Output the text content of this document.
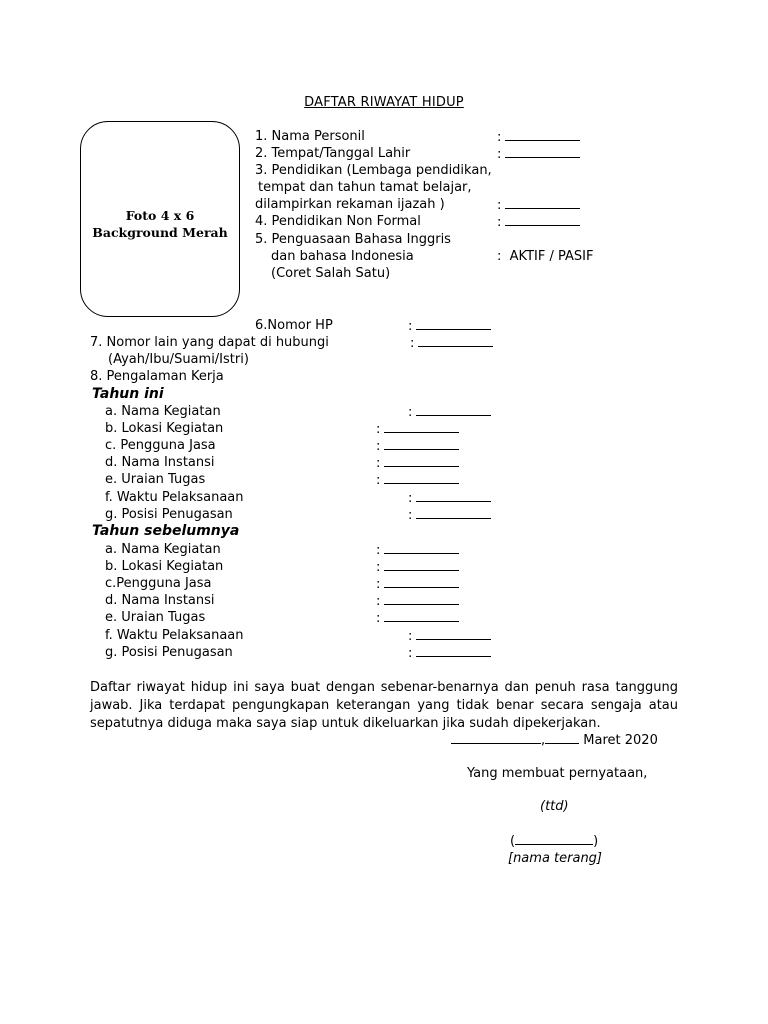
DAFTAR RIWAYAT HIDUP
Foto 4 x 6
Background Merah
1. Nama Personil	:
2. Tempat/Tanggal Lahir	:
3. Pendidikan (Lembaga pendidikan,
tempat dan tahun tamat belajar,
dilampirkan rekaman ijazah )	:
4. Pendidikan Non Formal	:
5. Penguasaan Bahasa Inggris
dan bahasa Indonesia	: AKTIF / PASIF
(Coret Salah Satu)
6.Nomor HP	:
7. Nomor lain yang dapat di hubungi	:
(Ayah/Ibu/Suami/Istri)
8. Pengalaman Kerja
Tahun ini
a. Nama Kegiatan	:
b. Lokasi Kegiatan	:
c. Pengguna Jasa	:
d. Nama Instansi	:
e. Uraian Tugas	:
f. Waktu Pelaksanaan	:
g. Posisi Penugasan	:
Tahun sebelumnya
a. Nama Kegiatan	:
b. Lokasi Kegiatan	:
c.Pengguna Jasa	:
d. Nama Instansi	:
e. Uraian Tugas	:
f. Waktu Pelaksanaan	:
g. Posisi Penugasan	:
Daftar riwayat hidup ini saya buat dengan sebenar-benarnya dan penuh rasa tanggung jawab. Jika terdapat pengungkapan keterangan yang tidak benar secara sengaja atau sepatutnya diduga maka saya siap untuk dikeluarkan jika sudah dipekerjakan.
,	Maret 2020
Yang membuat pernyataan,
(ttd)
(	)
[nama terang]
